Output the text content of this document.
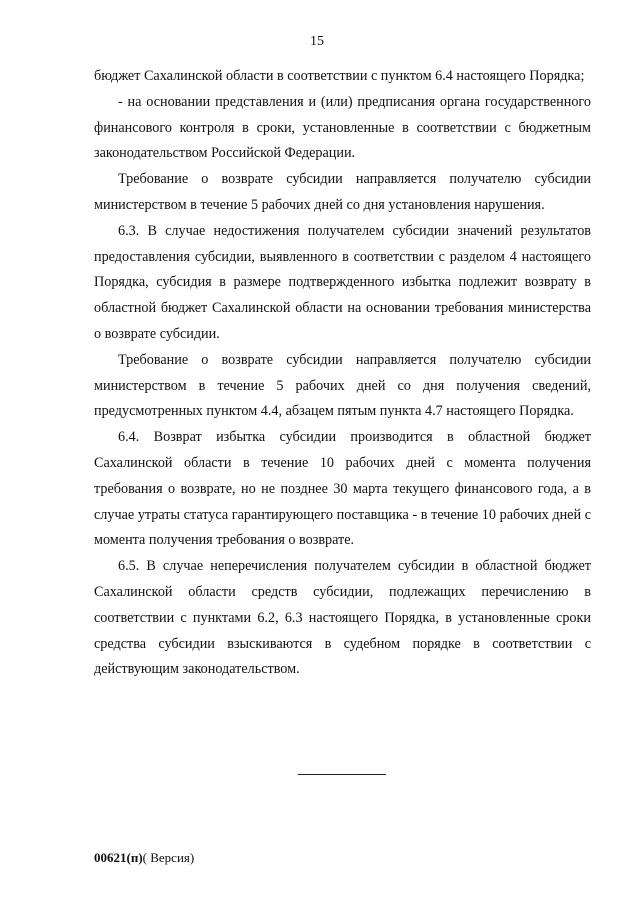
15

бюджет Сахалинской области в соответствии с пунктом 6.4 настоящего Порядка;

- на основании представления и (или) предписания органа государственного финансового контроля в сроки, установленные в соответствии с бюджетным законодательством Российской Федерации.

Требование о возврате субсидии направляется получателю субсидии министерством в течение 5 рабочих дней со дня установления нарушения.

6.3. В случае недостижения получателем субсидии значений результатов предоставления субсидии, выявленного в соответствии с разделом 4 настоящего Порядка, субсидия в размере подтвержденного избытка подлежит возврату в областной бюджет Сахалинской области на основании требования министерства о возврате субсидии.

Требование о возврате субсидии направляется получателю субсидии министерством в течение 5 рабочих дней со дня получения сведений, предусмотренных пунктом 4.4, абзацем пятым пункта 4.7 настоящего Порядка.

6.4. Возврат избытка субсидии производится в областной бюджет Сахалинской области в течение 10 рабочих дней с момента получения требования о возврате, но не позднее 30 марта текущего финансового года, а в случае утраты статуса гарантирующего поставщика - в течение 10 рабочих дней с момента получения требования о возврате.

6.5. В случае неперечисления получателем субсидии в областной бюджет Сахалинской области средств субсидии, подлежащих перечислению в соответствии с пунктами 6.2, 6.3 настоящего Порядка, в установленные сроки средства субсидии взыскиваются в судебном порядке в соответствии с действующим законодательством.

00621(п)( Версия)
